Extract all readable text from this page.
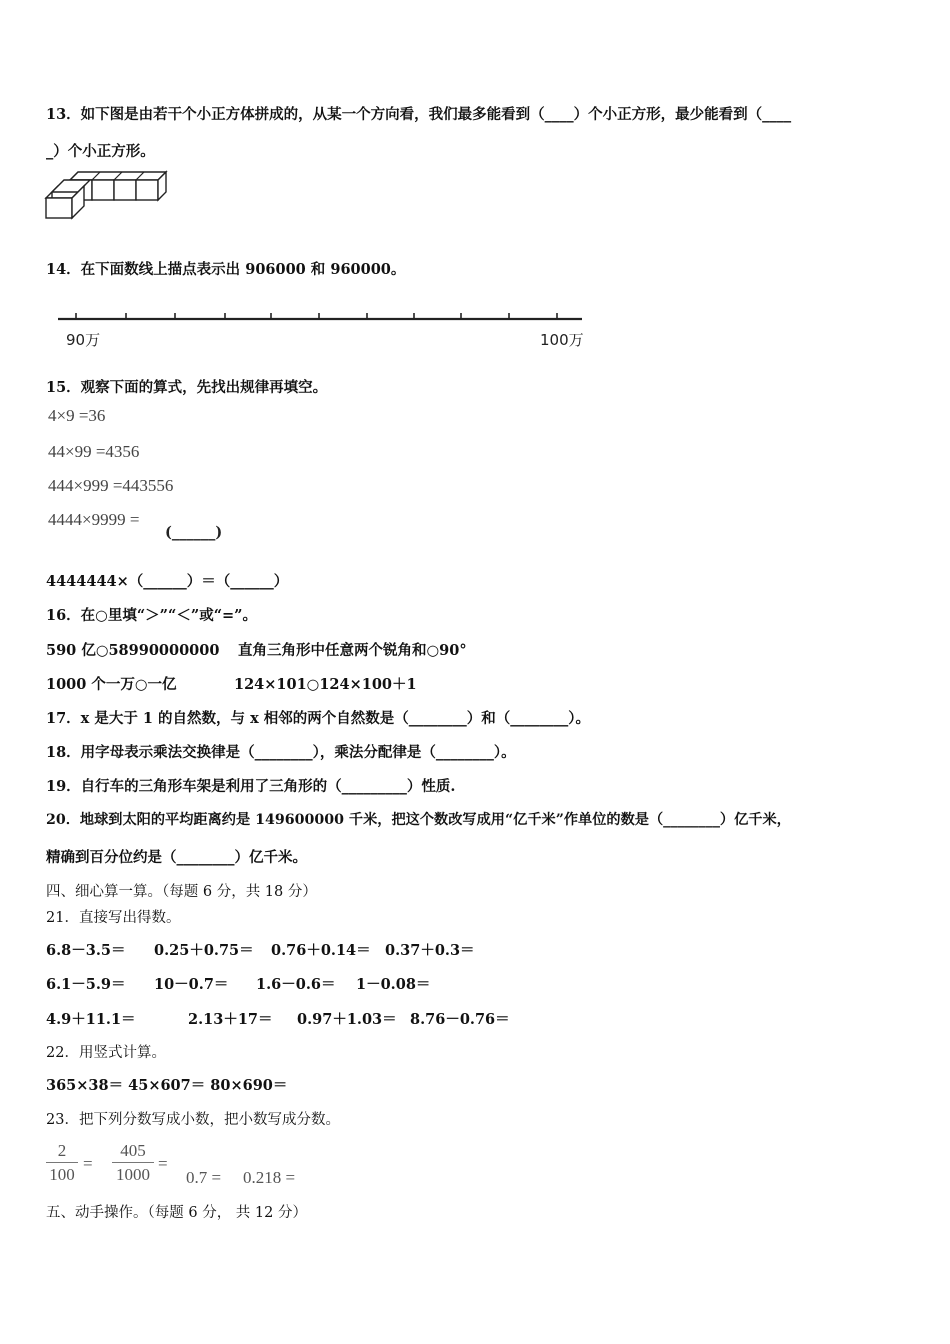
13．如下图是由若干个小正方体拼成的，从某一个方向看，我们最多能看到（____）个小正方形，最少能看到（____
_）个小正方形。
14．在下面数线上描点表示出 906000 和 960000。
90万	100万
15．观察下面的算式，先找出规律再填空。
4×9 =36
44×99 =4356
444×999 =443556
4444×9999 =
(______)
4444444×（______）＝（______）
16．在○里填“＞”“＜”或“=”。
590 亿○58990000000 直角三角形中任意两个锐角和○90°
1000 个一万○一亿	124×101○124×100＋1
17．x 是大于 1 的自然数，与 x 相邻的两个自然数是（________）和（________）。
18．用字母表示乘法交换律是（________），乘法分配律是（________）。
19．自行车的三角形车架是利用了三角形的（_________）性质.
20．地球到太阳的平均距离约是 149600000 千米，把这个数改写成用“亿千米”作单位的数是（________）亿千米，
精确到百分位约是（________）亿千米。
四、细心算一算。（每题 6 分，共 18 分）
21．直接写出得数。
6.8－3.5＝ 0.25＋0.75＝ 0.76＋0.14＝ 0.37＋0.3＝
6.1－5.9＝ 10－0.7＝ 1.6－0.6＝ 1－0.08＝
4.9＋11.1＝	2.13＋17＝ 0.97＋1.03＝ 8.76－0.76＝
22．用竖式计算。
365×38＝ 45×607＝ 80×690＝
23．把下列分数写成小数，把小数写成分数。
$\frac{2}{100} = \frac{405}{1000}$ =
0.7 = 0.218 =
五、动手操作。（每题 6 分， 共 12 分）
